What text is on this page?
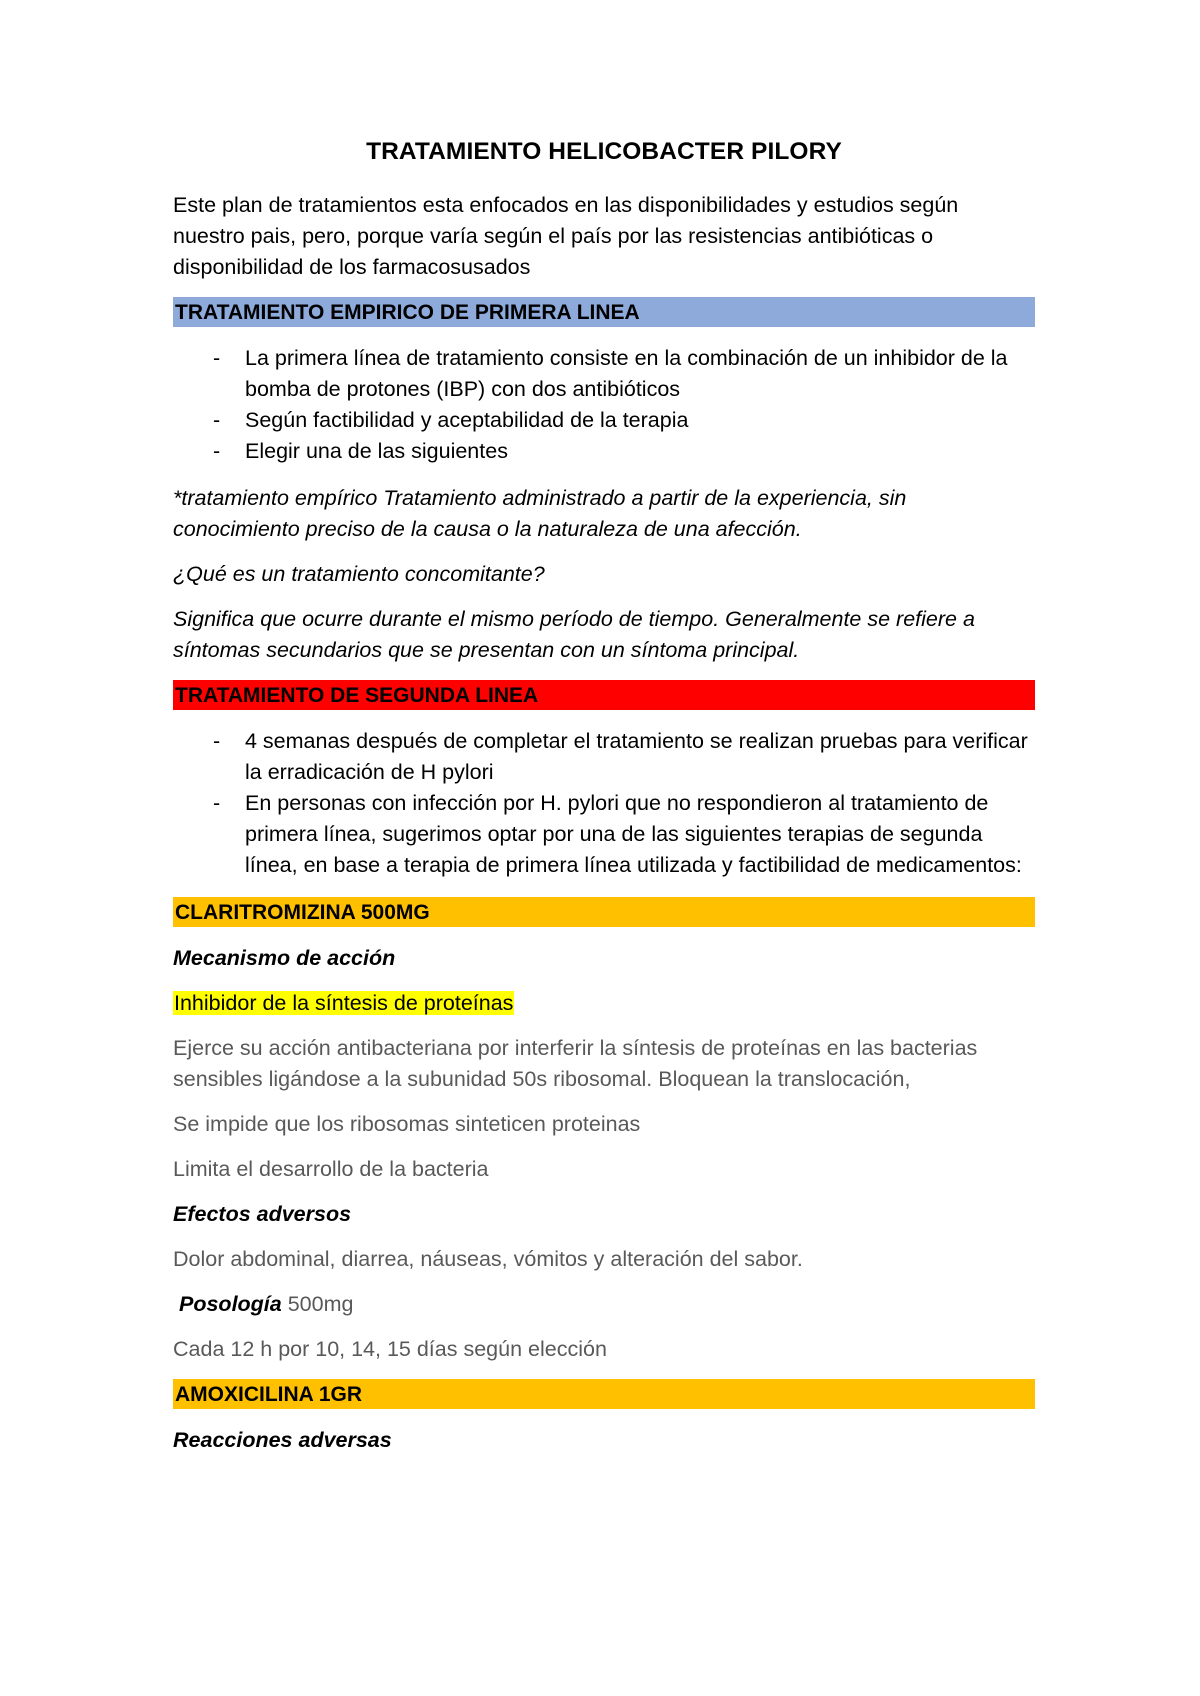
TRATAMIENTO HELICOBACTER PILORY

Este plan de tratamientos esta enfocados en las disponibilidades y estudios según nuestro pais, pero, porque varía según el país por las resistencias antibióticas o disponibilidad de los farmacosusados

TRATAMIENTO EMPIRICO DE PRIMERA LINEA
- La primera línea de tratamiento consiste en la combinación de un inhibidor de la bomba de protones (IBP) con dos antibióticos
- Según factibilidad y aceptabilidad de la terapia
- Elegir una de las siguientes

*tratamiento empírico Tratamiento administrado a partir de la experiencia, sin conocimiento preciso de la causa o la naturaleza de una afección.

¿Qué es un tratamiento concomitante?

Significa que ocurre durante el mismo período de tiempo. Generalmente se refiere a síntomas secundarios que se presentan con un síntoma principal.

TRATAMIENTO DE SEGUNDA LINEA
- 4 semanas después de completar el tratamiento se realizan pruebas para verificar la erradicación de H pylori
- En personas con infección por H. pylori que no respondieron al tratamiento de primera línea, sugerimos optar por una de las siguientes terapias de segunda línea, en base a terapia de primera línea utilizada y factibilidad de medicamentos:
CLARITROMIZINA 500MG

Mecanismo de acción

Inhibidor de la síntesis de proteínas

Ejerce su acción antibacteriana por interferir la síntesis de proteínas en las bacterias sensibles ligándose a la subunidad 50s ribosomal. Bloquean la translocación,

Se impide que los ribosomas sinteticen proteinas

Limita el desarrollo de la bacteria

Efectos adversos

Dolor abdominal, diarrea, náuseas, vómitos y alteración del sabor.

Posología 500mg

Cada 12 h por 10, 14, 15 días según elección

AMOXICILINA 1GR

Reacciones adversas
